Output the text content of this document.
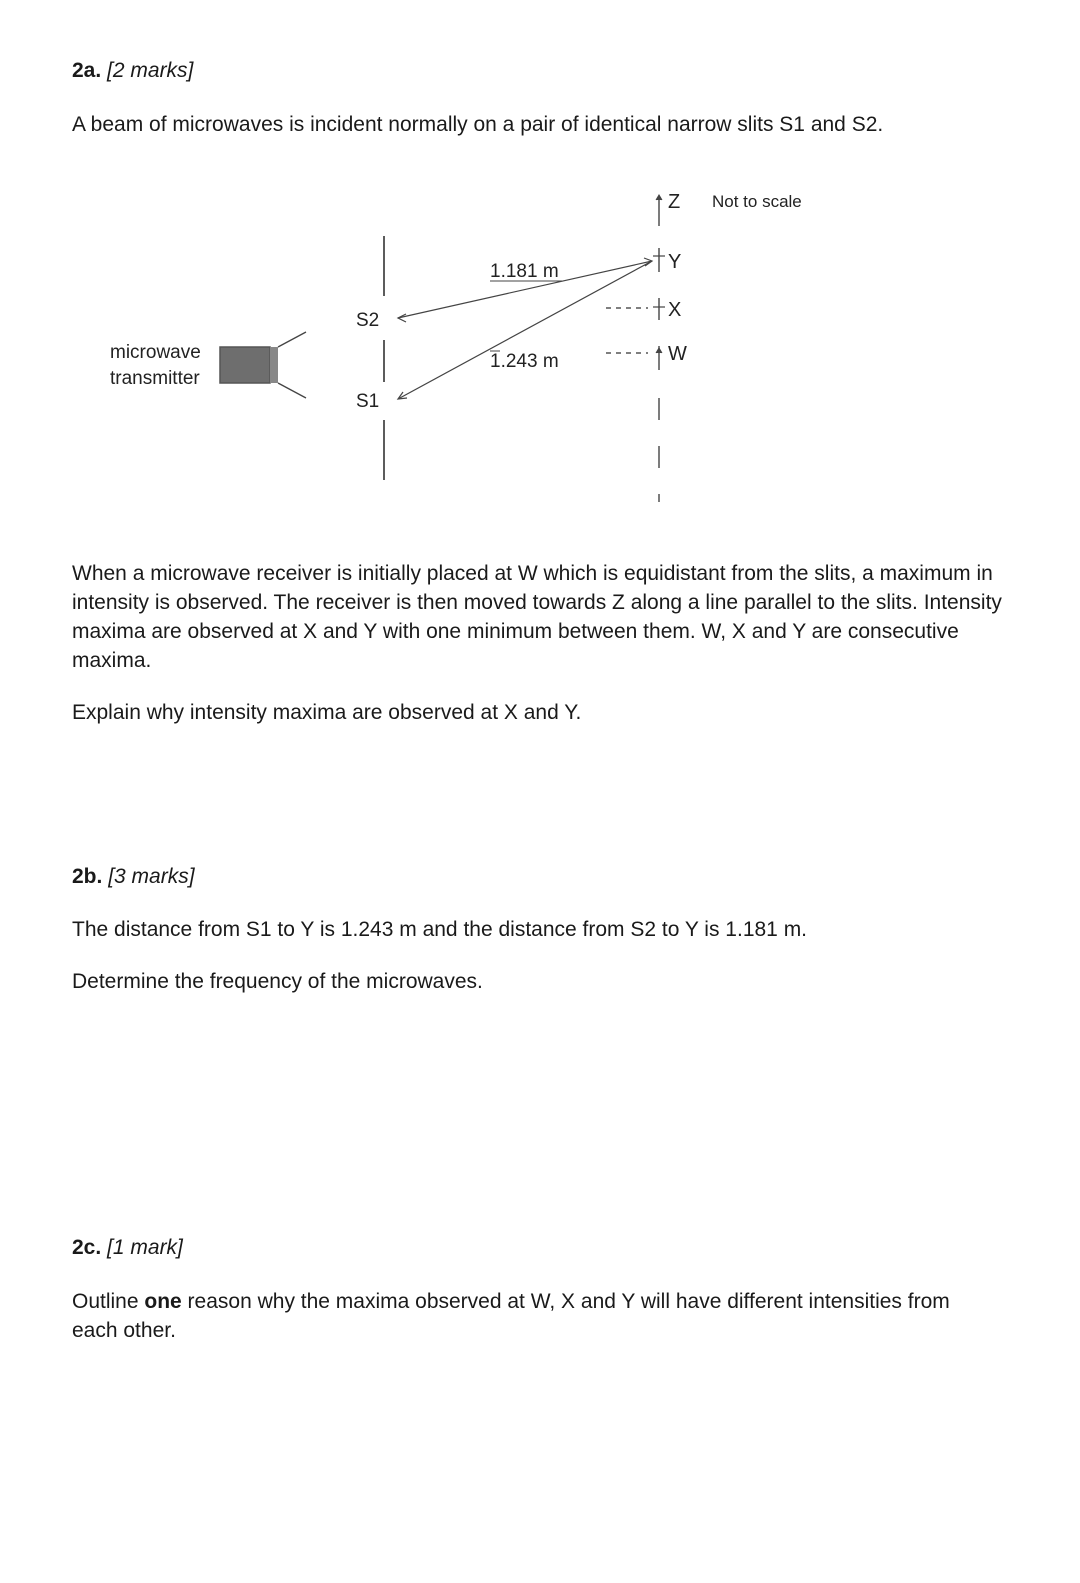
2a. [2 marks]
A beam of microwaves is incident normally on a pair of identical narrow slits S1 and S2.
microwave
transmitter
S2
S1
1.181 m
1.243 m
Z
Y
X
W
Not to scale
When a microwave receiver is initially placed at W which is equidistant from the slits, a maximum in intensity is observed. The receiver is then moved towards Z along a line parallel to the slits. Intensity maxima are observed at X and Y with one minimum between them. W, X and Y are consecutive maxima.
Explain why intensity maxima are observed at X and Y.
2b. [3 marks]
The distance from S1 to Y is 1.243 m and the distance from S2 to Y is 1.181 m.
Determine the frequency of the microwaves.
2c. [1 mark]
Outline one reason why the maxima observed at W, X and Y will have different intensities from each other.
